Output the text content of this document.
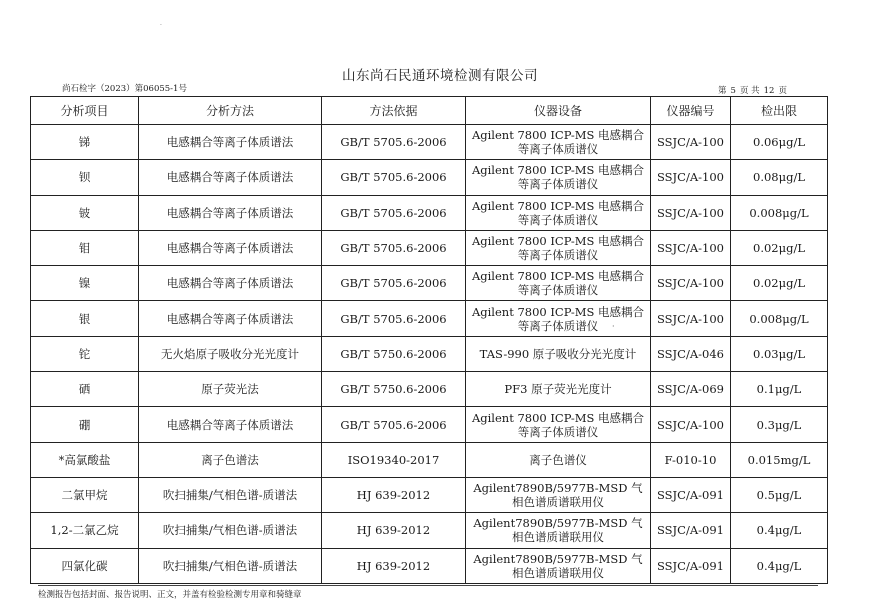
·
山东尚石民通环境检测有限公司
尚石检字（2023）第06055-1号	第 5 页 共 12 页
分析项目	分析方法	方法依据	仪器设备	仪器编号	检出限
锑	电感耦合等离子体质谱法	GB/T 5705.6-2006	Agilent 7800 ICP-MS 电感耦合等离子体质谱仪	SSJC/A-100	0.06μg/L
钡	电感耦合等离子体质谱法	GB/T 5705.6-2006	Agilent 7800 ICP-MS 电感耦合等离子体质谱仪	SSJC/A-100	0.08μg/L
铍	电感耦合等离子体质谱法	GB/T 5705.6-2006	Agilent 7800 ICP-MS 电感耦合等离子体质谱仪	SSJC/A-100	0.008μg/L
钼	电感耦合等离子体质谱法	GB/T 5705.6-2006	Agilent 7800 ICP-MS 电感耦合等离子体质谱仪	SSJC/A-100	0.02μg/L
镍	电感耦合等离子体质谱法	GB/T 5705.6-2006	Agilent 7800 ICP-MS 电感耦合等离子体质谱仪	SSJC/A-100	0.02μg/L
银	电感耦合等离子体质谱法	GB/T 5705.6-2006	Agilent 7800 ICP-MS 电感耦合等离子体质谱仪	SSJC/A-100	0.008μg/L
铊	无火焰原子吸收分光光度计	GB/T 5750.6-2006	TAS-990 原子吸收分光光度计	SSJC/A-046	0.03μg/L
硒	原子荧光法	GB/T 5750.6-2006	PF3 原子荧光光度计	SSJC/A-069	0.1μg/L
硼	电感耦合等离子体质谱法	GB/T 5705.6-2006	Agilent 7800 ICP-MS 电感耦合等离子体质谱仪	SSJC/A-100	0.3μg/L
*高氯酸盐	离子色谱法	ISO19340-2017	离子色谱仪	F-010-10	0.015mg/L
二氯甲烷	吹扫捕集/气相色谱-质谱法	HJ 639-2012	Agilent7890B/5977B-MSD 气相色谱质谱联用仪	SSJC/A-091	0.5μg/L
1,2-二氯乙烷	吹扫捕集/气相色谱-质谱法	HJ 639-2012	Agilent7890B/5977B-MSD 气相色谱质谱联用仪	SSJC/A-091	0.4μg/L
四氯化碳	吹扫捕集/气相色谱-质谱法	HJ 639-2012	Agilent7890B/5977B-MSD 气相色谱质谱联用仪	SSJC/A-091	0.4μg/L
·
检测报告包括封面、报告说明、正文，并盖有检验检测专用章和骑缝章
